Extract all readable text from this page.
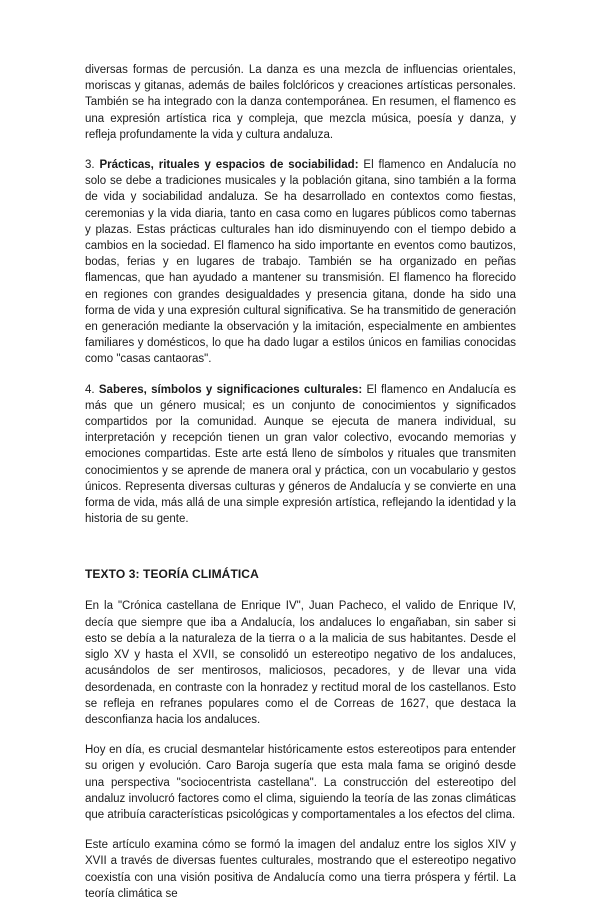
diversas formas de percusión. La danza es una mezcla de influencias orientales, moriscas y gitanas, además de bailes folclóricos y creaciones artísticas personales. También se ha integrado con la danza contemporánea. En resumen, el flamenco es una expresión artística rica y compleja, que mezcla música, poesía y danza, y refleja profundamente la vida y cultura andaluza.

3. Prácticas, rituales y espacios de sociabilidad: El flamenco en Andalucía no solo se debe a tradiciones musicales y la población gitana, sino también a la forma de vida y sociabilidad andaluza. Se ha desarrollado en contextos como fiestas, ceremonias y la vida diaria, tanto en casa como en lugares públicos como tabernas y plazas. Estas prácticas culturales han ido disminuyendo con el tiempo debido a cambios en la sociedad. El flamenco ha sido importante en eventos como bautizos, bodas, ferias y en lugares de trabajo. También se ha organizado en peñas flamencas, que han ayudado a mantener su transmisión. El flamenco ha florecido en regiones con grandes desigualdades y presencia gitana, donde ha sido una forma de vida y una expresión cultural significativa. Se ha transmitido de generación en generación mediante la observación y la imitación, especialmente en ambientes familiares y domésticos, lo que ha dado lugar a estilos únicos en familias conocidas como "casas cantaoras".

4. Saberes, símbolos y significaciones culturales: El flamenco en Andalucía es más que un género musical; es un conjunto de conocimientos y significados compartidos por la comunidad. Aunque se ejecuta de manera individual, su interpretación y recepción tienen un gran valor colectivo, evocando memorias y emociones compartidas. Este arte está lleno de símbolos y rituales que transmiten conocimientos y se aprende de manera oral y práctica, con un vocabulario y gestos únicos. Representa diversas culturas y géneros de Andalucía y se convierte en una forma de vida, más allá de una simple expresión artística, reflejando la identidad y la historia de su gente.

TEXTO 3: TEORÍA CLIMÁTICA

En la "Crónica castellana de Enrique IV", Juan Pacheco, el valido de Enrique IV, decía que siempre que iba a Andalucía, los andaluces lo engañaban, sin saber si esto se debía a la naturaleza de la tierra o a la malicia de sus habitantes. Desde el siglo XV y hasta el XVII, se consolidó un estereotipo negativo de los andaluces, acusándolos de ser mentirosos, maliciosos, pecadores, y de llevar una vida desordenada, en contraste con la honradez y rectitud moral de los castellanos. Esto se refleja en refranes populares como el de Correas de 1627, que destaca la desconfianza hacia los andaluces.

Hoy en día, es crucial desmantelar históricamente estos estereotipos para entender su origen y evolución. Caro Baroja sugería que esta mala fama se originó desde una perspectiva "sociocentrista castellana". La construcción del estereotipo del andaluz involucró factores como el clima, siguiendo la teoría de las zonas climáticas que atribuía características psicológicas y comportamentales a los efectos del clima.

Este artículo examina cómo se formó la imagen del andaluz entre los siglos XIV y XVII a través de diversas fuentes culturales, mostrando que el estereotipo negativo coexistía con una visión positiva de Andalucía como una tierra próspera y fértil. La teoría climática se
